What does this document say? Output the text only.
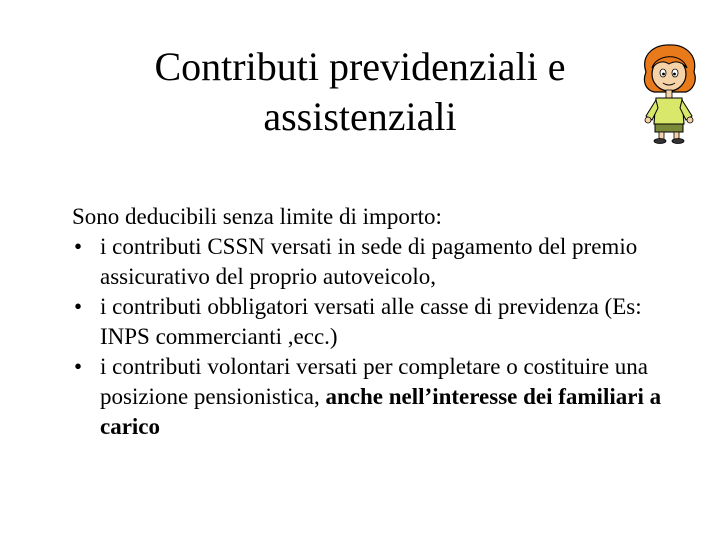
Contributi previdenziali e
assistenziali

Sono deducibili senza limite di importo:

• i contributi CSSN versati in sede di pagamento del premio assicurativo del proprio autoveicolo,
• i contributi obbligatori versati alle casse di previdenza (Es: INPS commercianti ,ecc.)
• i contributi volontari versati per completare o costituire una posizione pensionistica, anche nell’interesse dei familiari a carico
